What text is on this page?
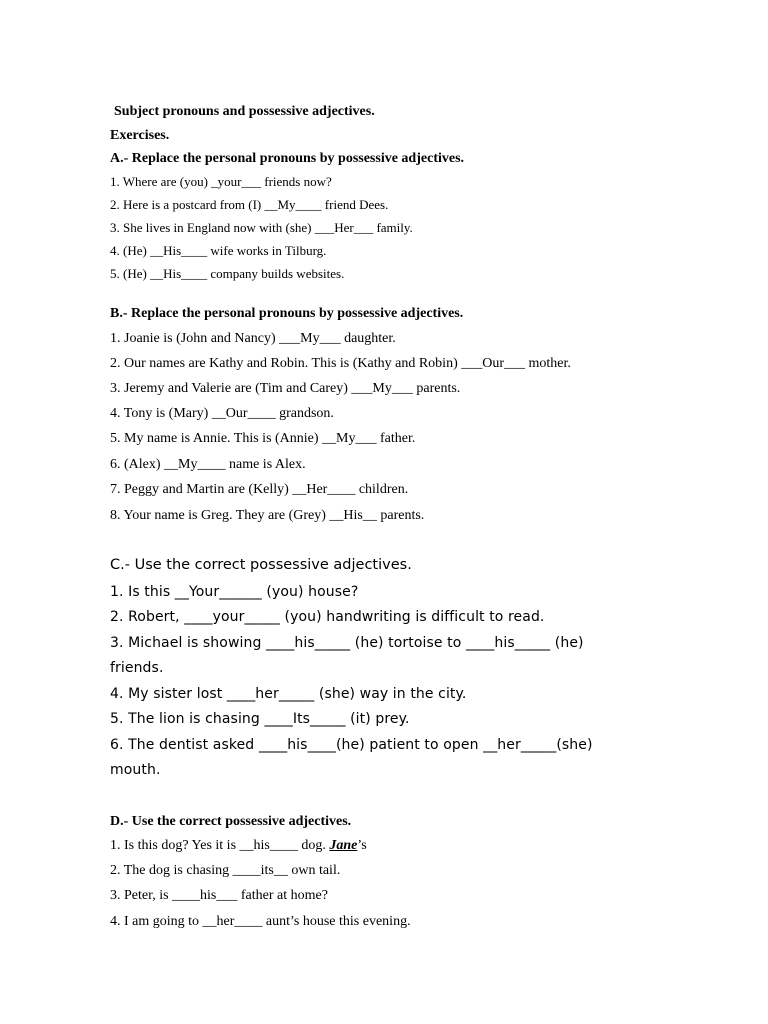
Subject pronouns and possessive adjectives.
Exercises.
A.- Replace the personal pronouns by possessive adjectives.
1. Where are (you) _your___ friends now?
2. Here is a postcard from (I) __My____ friend Dees.
3. She lives in England now with (she) ___Her___ family.
4. (He) __His____ wife works in Tilburg.
5. (He) __His____ company builds websites.
B.- Replace the personal pronouns by possessive adjectives.
1. Joanie is (John and Nancy) ___My___ daughter.
2. Our names are Kathy and Robin. This is (Kathy and Robin) ___Our___ mother.
3. Jeremy and Valerie are (Tim and Carey) ___My___ parents.
4. Tony is (Mary) __Our____ grandson.
5. My name is Annie. This is (Annie) __My___ father.
6. (Alex) __My____ name is Alex.
7. Peggy and Martin are (Kelly) __Her____ children.
8. Your name is Greg. They are (Grey) __His__ parents.
C.- Use the correct possessive adjectives.
1. Is this __Your______ (you) house?
2. Robert, ____your_____ (you) handwriting is difficult to read.
3. Michael is showing ____his_____ (he) tortoise to ____his_____ (he)
friends.
4. My sister lost ____her_____ (she) way in the city.
5. The lion is chasing ____Its_____ (it) prey.
6. The dentist asked ____his____(he) patient to open __her_____(she)
mouth.
D.- Use the correct possessive adjectives.
1. Is this dog? Yes it is __his____ dog. Jane’s
2. The dog is chasing ____its__ own tail.
3. Peter, is ____his___ father at home?
4. I am going to __her____ aunt’s house this evening.
